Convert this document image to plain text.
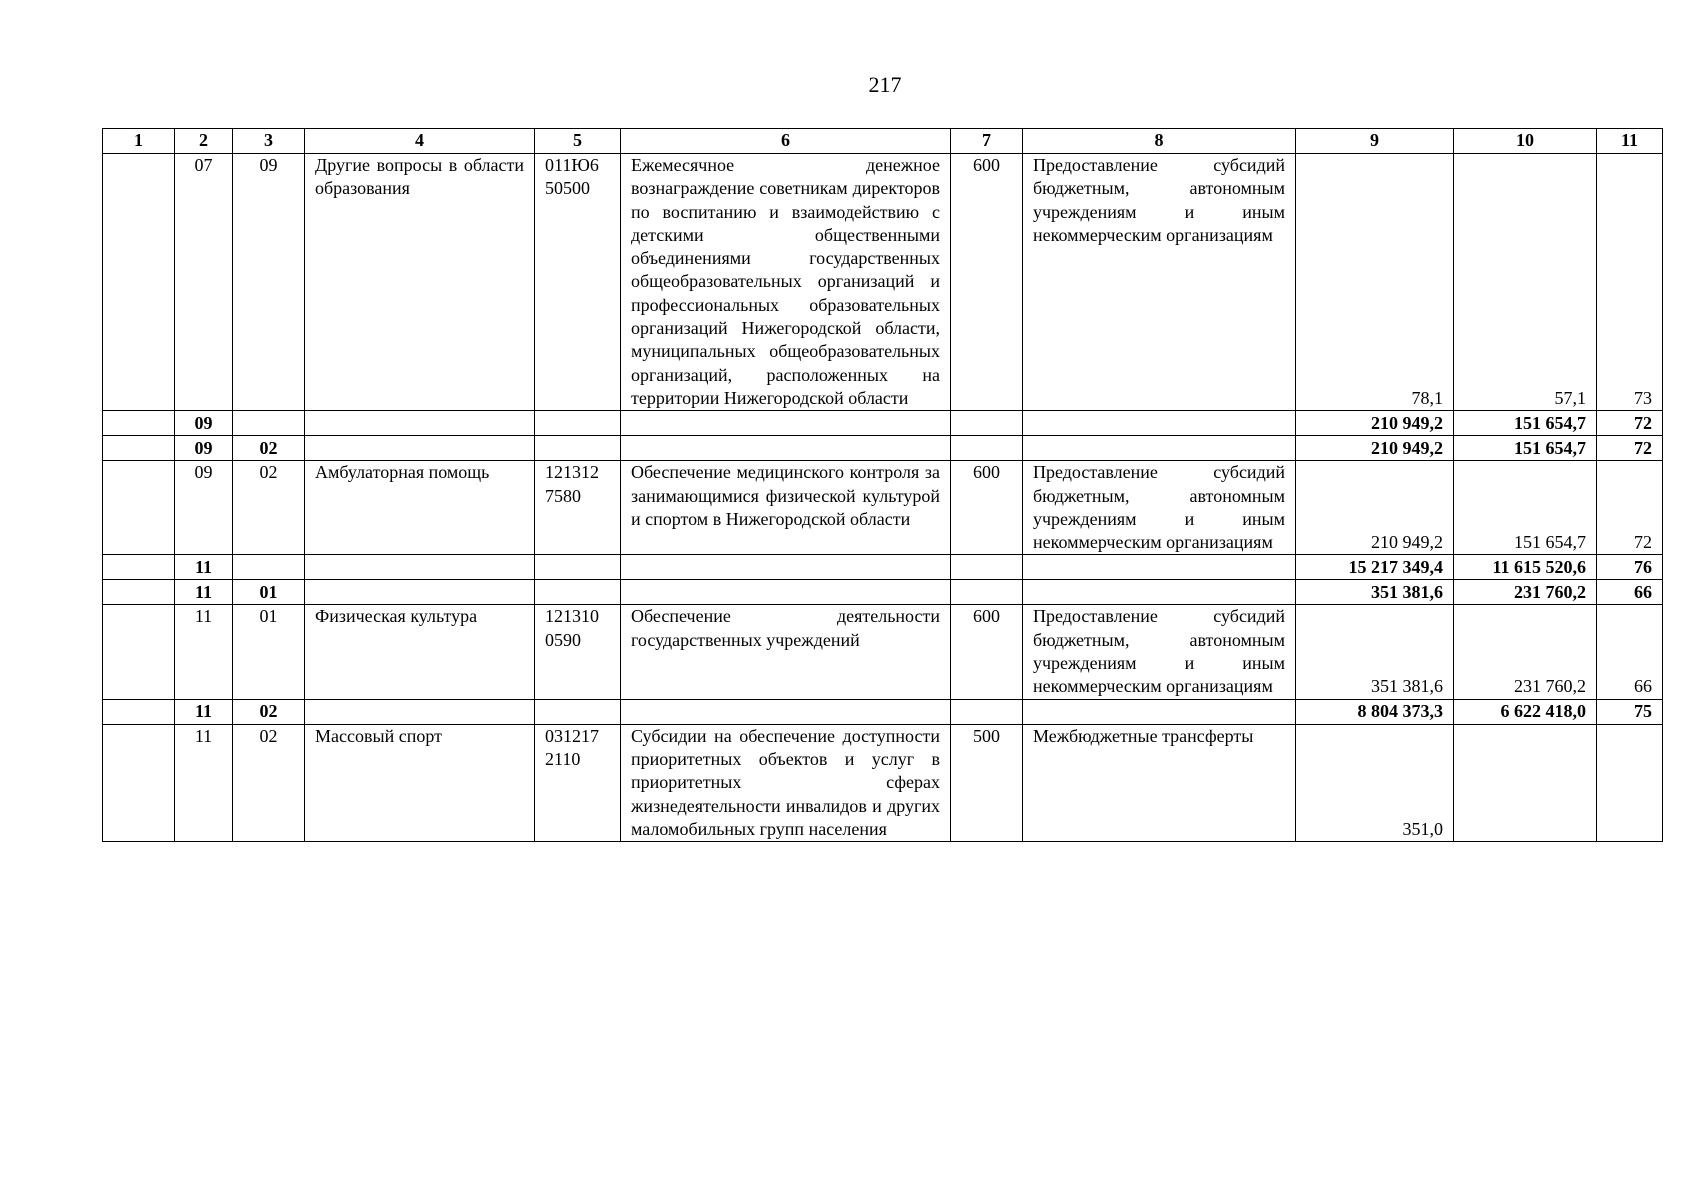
217
1	2	3	4	5	6	7	8	9	10	11
	07	09	Другие вопросы в области образования	011Ю6 50500	Ежемесячное денежное вознаграждение советникам директоров по воспитанию и взаимодействию с детскими общественными объединениями государственных общеобразовательных организаций и профессиональных образовательных организаций Нижегородской области, муниципальных общеобразовательных организаций, расположенных на территории Нижегородской области	600	Предоставление субсидий бюджетным, автономным учреждениям и иным некоммерческим организациям	78,1	57,1	73
	09							210 949,2	151 654,7	72
	09	02						210 949,2	151 654,7	72
	09	02	Амбулаторная помощь	121312 7580	Обеспечение медицинского контроля за занимающимися физической культурой и спортом в Нижегородской области	600	Предоставление субсидий бюджетным, автономным учреждениям и иным некоммерческим организациям	210 949,2	151 654,7	72
	11							15 217 349,4	11 615 520,6	76
	11	01						351 381,6	231 760,2	66
	11	01	Физическая культура	121310 0590	Обеспечение деятельности государственных учреждений	600	Предоставление субсидий бюджетным, автономным учреждениям и иным некоммерческим организациям	351 381,6	231 760,2	66
	11	02						8 804 373,3	6 622 418,0	75
	11	02	Массовый спорт	031217 2110	Субсидии на обеспечение доступности приоритетных объектов и услуг в приоритетных сферах жизнедеятельности инвалидов и других маломобильных групп населения	500	Межбюджетные трансферты	351,0		
